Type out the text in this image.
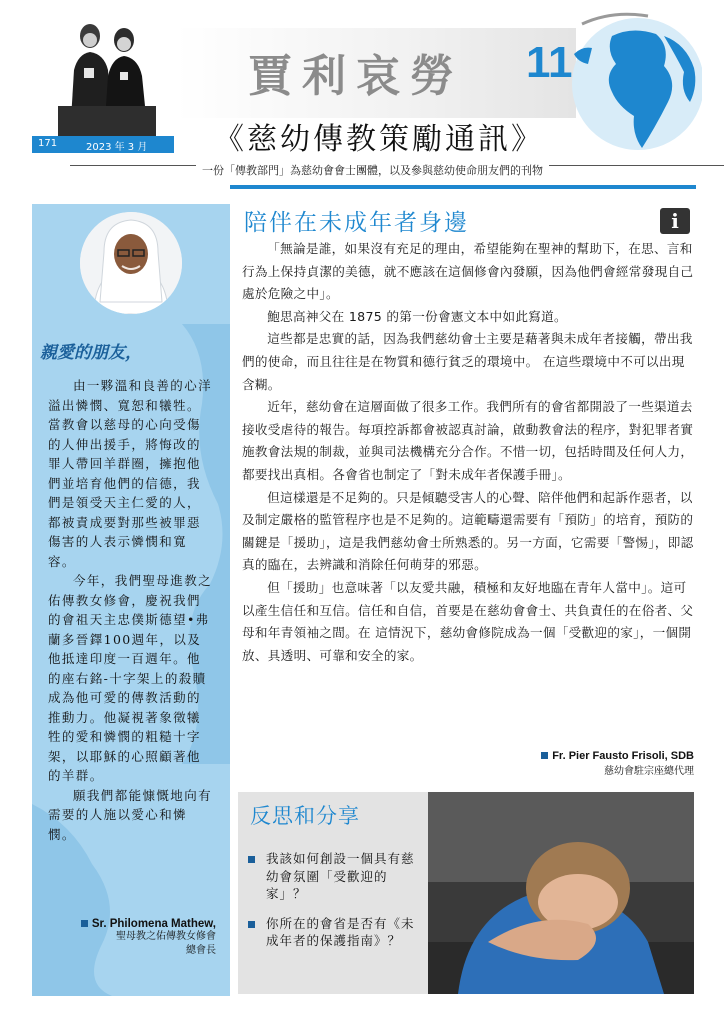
171	2023 年 3 月
賈利哀勞 11
《慈幼傳教策勵通訊》
一份「傳教部門」為慈幼會會士團體，以及參與慈幼使命朋友們的刊物
親愛的朋友，

由一夥溫和良善的心洋溢出憐憫、寬恕和犧牲。當教會以慈母的心向受傷的人伸出援手，將悔改的罪人帶回羊群圈，擁抱他們並培育他們的信德，我們是領受天主仁愛的人，都被責成要對那些被罪惡傷害的人表示憐憫和寬容。

今年，我們聖母進教之佑傳教女修會，慶祝我們的會祖天主忠僕斯德望•弗蘭多晉鐸100週年，以及他抵達印度一百週年。他的座右銘-十字架上的殺贖成為他可愛的傳教活動的推動力。他凝視著象徵犧牲的愛和憐憫的粗糙十字架，以耶穌的心照顧著他的羊群。

願我們都能慷慨地向有需要的人施以愛心和憐憫。

Sr. Philomena Mathew,
聖母教之佑傳教女修會
總會長
陪伴在未成年者身邊	i

「無論是誰，如果沒有充足的理由，希望能夠在聖神的幫助下，在思、言和行為上保持貞潔的美德，就不應該在這個修會內發願，因為他們會經常發現自己處於危險之中」。

鮑思高神父在 1875 的第一份會憲文本中如此寫道。

這些都是忠實的話，因為我們慈幼會士主要是藉著與未成年者接觸，帶出我們的使命，而且往往是在物質和德行貧乏的環境中。 在這些環境中不可以出現含糊。

近年，慈幼會在這層面做了很多工作。我們所有的會省都開設了一些渠道去接收受虐待的報告。每項控訴都會被認真討論，啟動教會法的程序，對犯罪者實施教會法規的制裁，並與司法機構充分合作。不惜一切，包括時間及任何人力，都要找出真相。各會省也制定了「對未成年者保護手冊」。

但這樣還是不足夠的。只是傾聽受害人的心聲、陪伴他們和起訴作惡者，以及制定嚴格的監管程序也是不足夠的。這範疇還需要有「預防」的培育，預防的關鍵是「援助」，這是我們慈幼會士所熟悉的。另一方面，它需要「警惕」，即認真的臨在，去辨識和消除任何萌芽的邪惡。

但「援助」也意味著「以友愛共融，積極和友好地臨在青年人當中」。這可以產生信任和互信。信任和自信，首要是在慈幼會會士、共負責任的在俗者、父母和年青領袖之間。在 這情況下，慈幼會修院成為一個「受歡迎的家」，一個開放、具透明、可靠和安全的家。

Fr. Pier Fausto Frisoli, SDB
慈幼會駐宗座總代理
反思和分享
我該如何創設一個具有慈幼會氛圍「受歡迎的家」？
你所在的會省是否有《未成年者的保護指南》？
